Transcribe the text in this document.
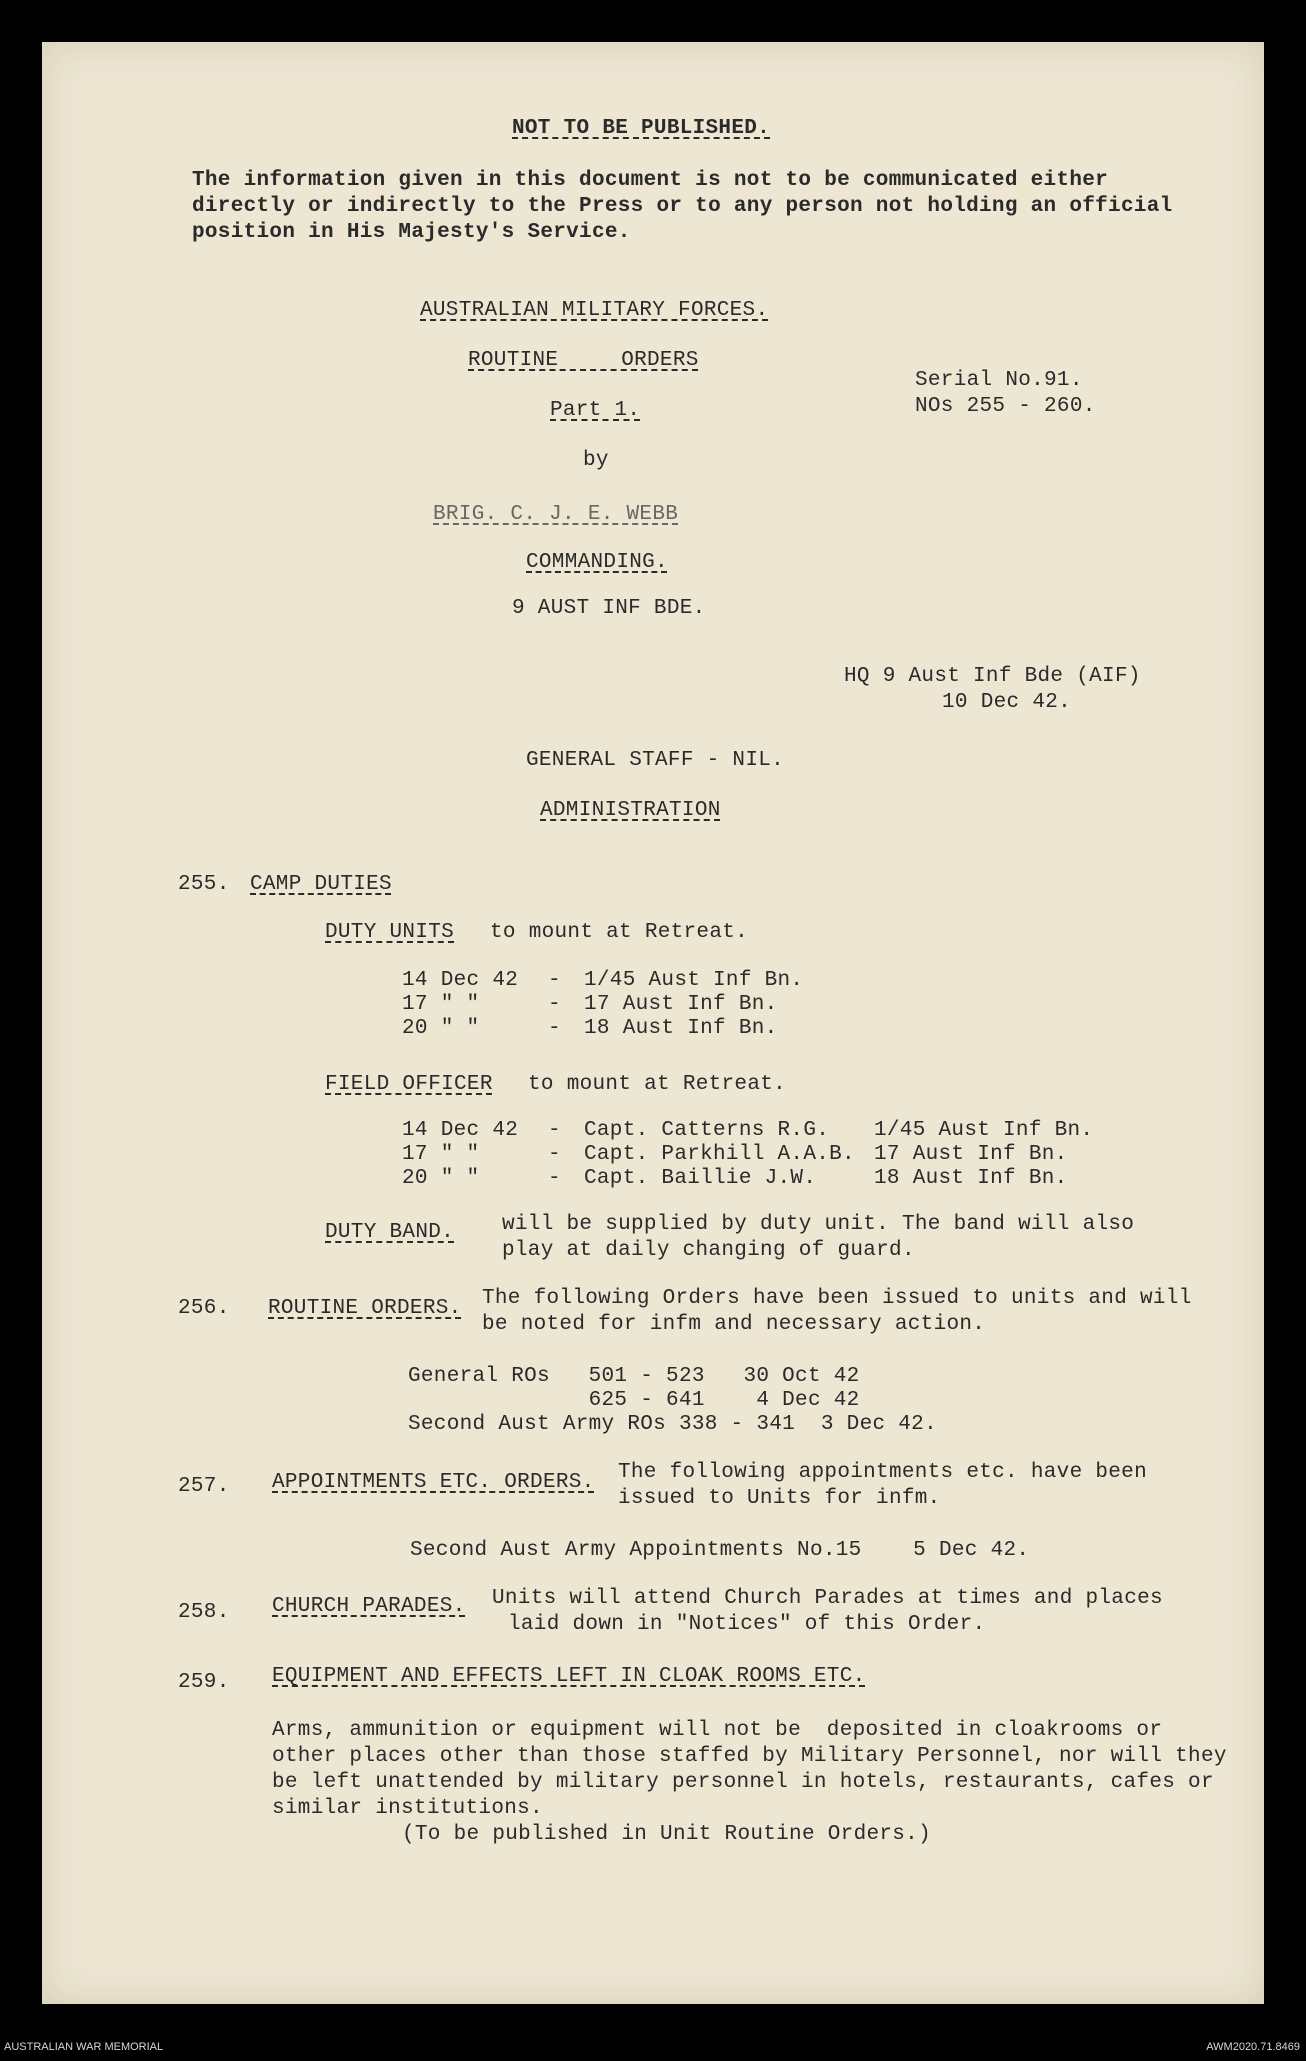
NOT TO BE PUBLISHED.
The information given in this document is not to be communicated either
directly or indirectly to the Press or to any person not holding an official
position in His Majesty's Service.
AUSTRALIAN MILITARY FORCES.
ROUTINE ORDERS
Serial No.91.
NOs 255 - 260.
Part 1.
by
BRIG. C. J. E. WEBB
COMMANDING.
9 AUST INF BDE.
HQ 9 Aust Inf Bde (AIF)
10 Dec 42.
GENERAL STAFF - NIL.
ADMINISTRATION
255. CAMP DUTIES
DUTY UNITS to mount at Retreat.
14 Dec 42 - 1/45 Aust Inf Bn.
17 " "	- 17 Aust Inf Bn.
20 " "	- 18 Aust Inf Bn.
FIELD OFFICER to mount at Retreat.
14 Dec 42 - Capt. Catterns R.G. 1/45 Aust Inf Bn.
17 " "	- Capt. Parkhill A.A.B. 17 Aust Inf Bn.
20 " "	- Capt. Baillie J.W.	18 Aust Inf Bn.
DUTY BAND. will be supplied by duty unit. The band will also
play at daily changing of guard.
256. ROUTINE ORDERS. The following Orders have been issued to units and will
be noted for infm and necessary action.
General ROs   501 - 523   30 Oct 42
625 - 641    4 Dec 42
Second Aust Army ROs 338 - 341  3 Dec 42.
257. APPOINTMENTS ETC. ORDERS. The following appointments etc. have been
issued to Units for infm.
Second Aust Army Appointments No.15    5 Dec 42.
258. CHURCH PARADES. Units will attend Church Parades at times and places
laid down in "Notices" of this Order.
259. EQUIPMENT AND EFFECTS LEFT IN CLOAK ROOMS ETC.
Arms, ammunition or equipment will not be  deposited in cloakrooms or
other places other than those staffed by Military Personnel, nor will they
be left unattended by military personnel in hotels, restaurants, cafes or
similar institutions.
(To be published in Unit Routine Orders.)
AUSTRALIAN WAR MEMORIAL	AWM2020.71.8469
